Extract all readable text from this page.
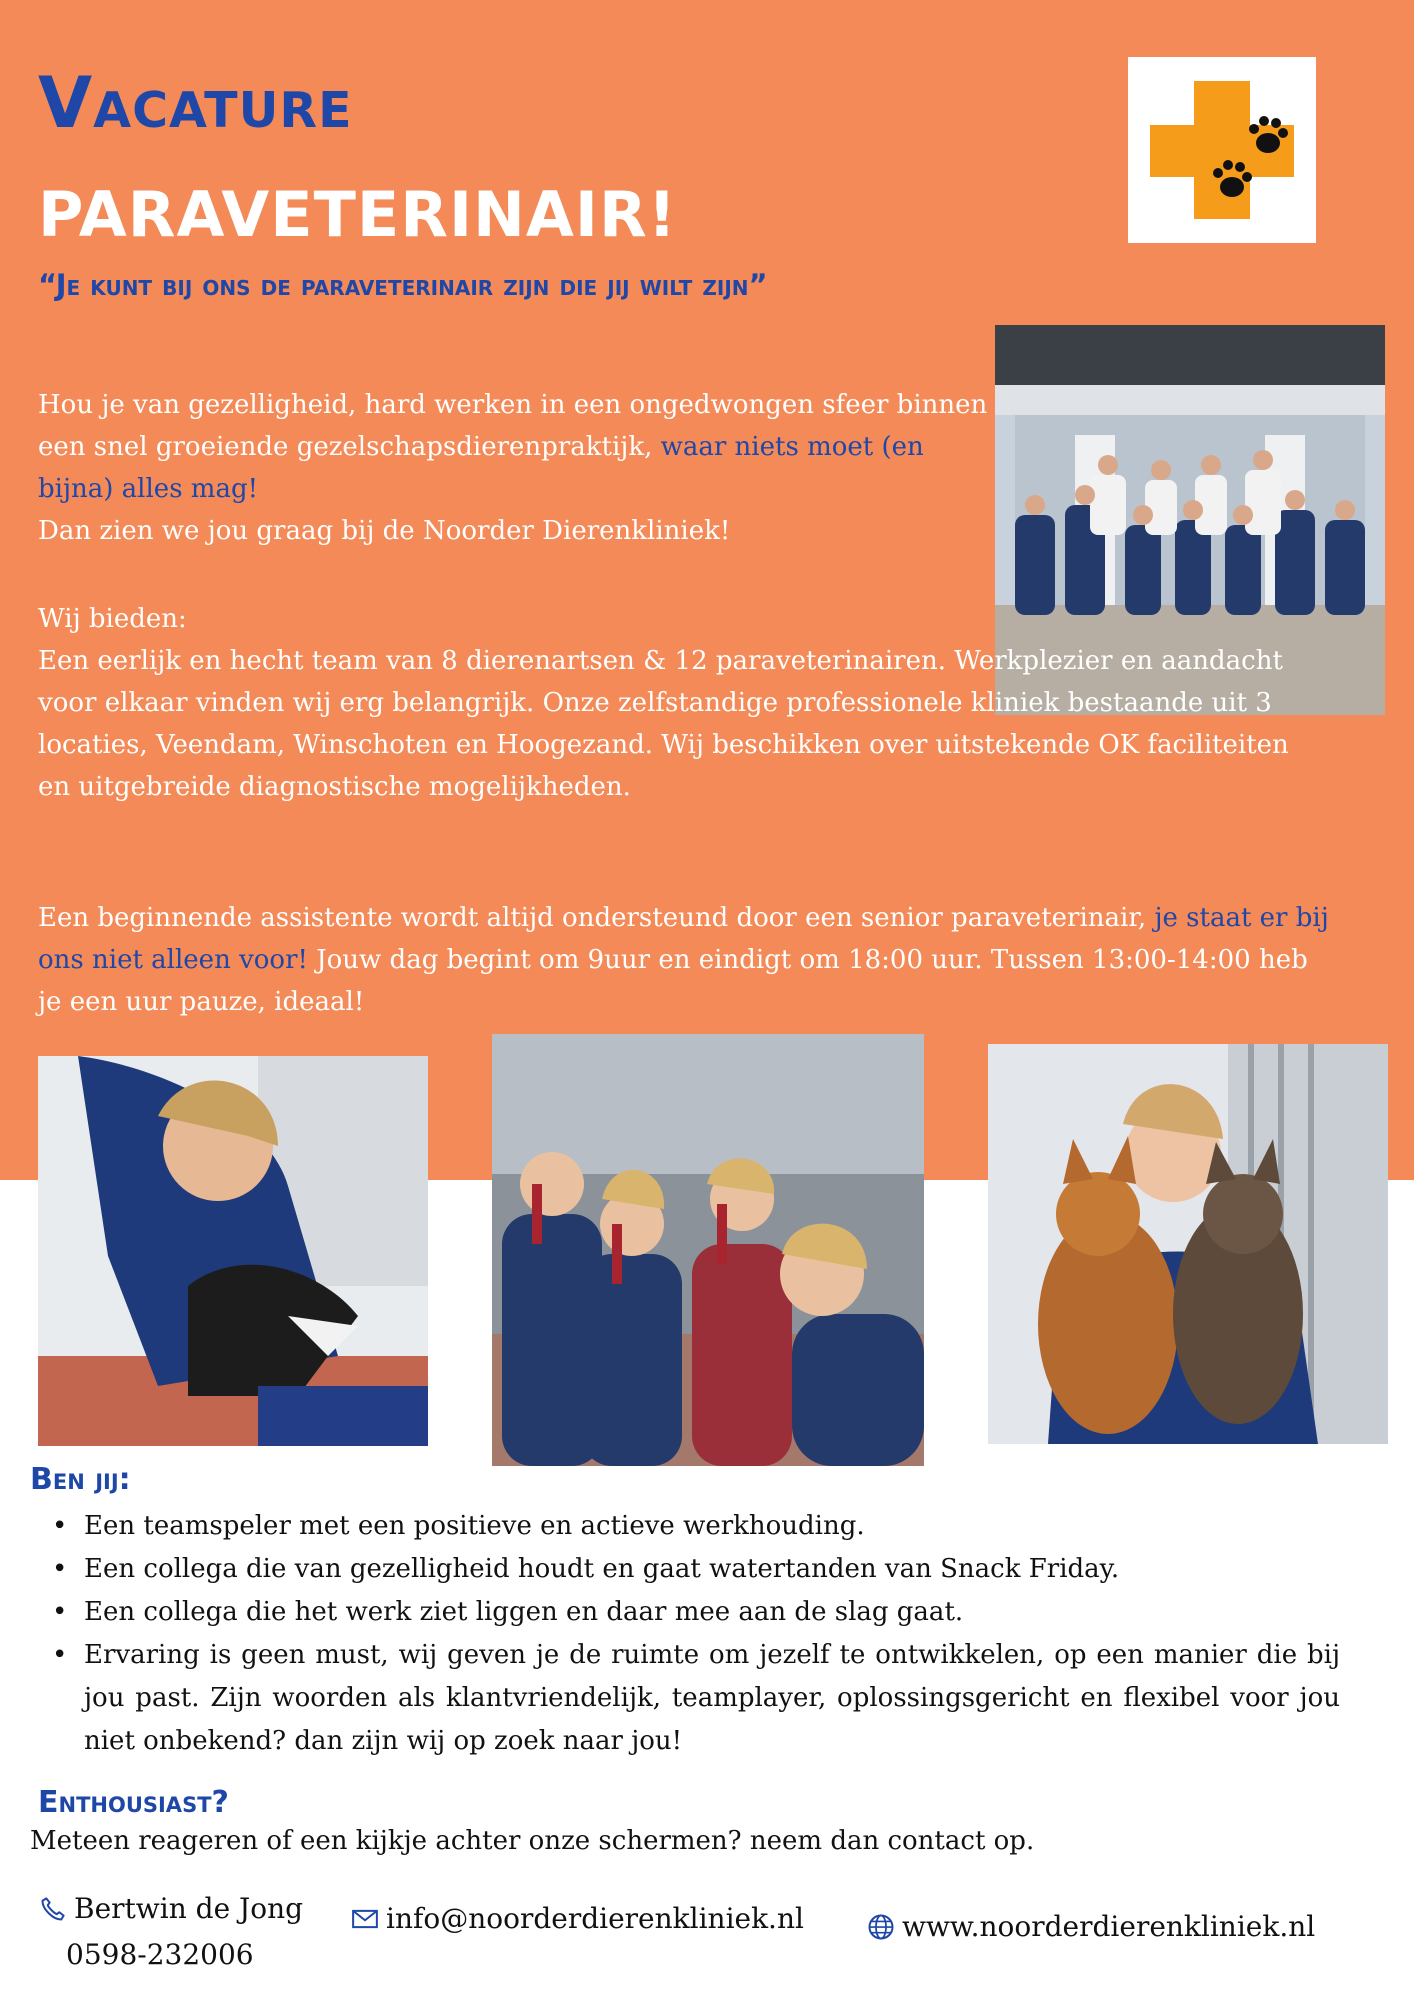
Vacature
PARAVETERINAIR!
“Je kunt bij ons de paraveterinair zijn die jij wilt zijn”

Hou je van gezelligheid, hard werken in een ongedwongen sfeer binnen een snel groeiende gezelschapsdierenpraktijk, waar niets moet (en bijna) alles mag!
Dan zien we jou graag bij de Noorder Dierenkliniek!

Wij bieden:

Een eerlijk en hecht team van 8 dierenartsen & 12 paraveterinairen. Werkplezier en aandacht voor elkaar vinden wij erg belangrijk. Onze zelfstandige professionele kliniek bestaande uit 3 locaties, Veendam, Winschoten en Hoogezand. Wij beschikken over uitstekende OK faciliteiten en uitgebreide diagnostische mogelijkheden.

Een beginnende assistente wordt altijd ondersteund door een senior paraveterinair, je staat er bij ons niet alleen voor! Jouw dag begint om 9uur en eindigt om 18:00 uur. Tussen 13:00-14:00 heb je een uur pauze, ideaal!

Ben jij:
• Een teamspeler met een positieve en actieve werkhouding.
• Een collega die van gezelligheid houdt en gaat watertanden van Snack Friday.
• Een collega die het werk ziet liggen en daar mee aan de slag gaat.
• Ervaring is geen must, wij geven je de ruimte om jezelf te ontwikkelen, op een manier die bij jou past. Zijn woorden als klantvriendelijk, teamplayer, oplossingsgericht en flexibel voor jou niet onbekend? dan zijn wij op zoek naar jou!
Enthousiast?
Meteen reageren of een kijkje achter onze schermen? neem dan contact op.
Bertwin de Jong
0598-232006
info@noorderdierenkliniek.nl	www.noorderdierenkliniek.nl
